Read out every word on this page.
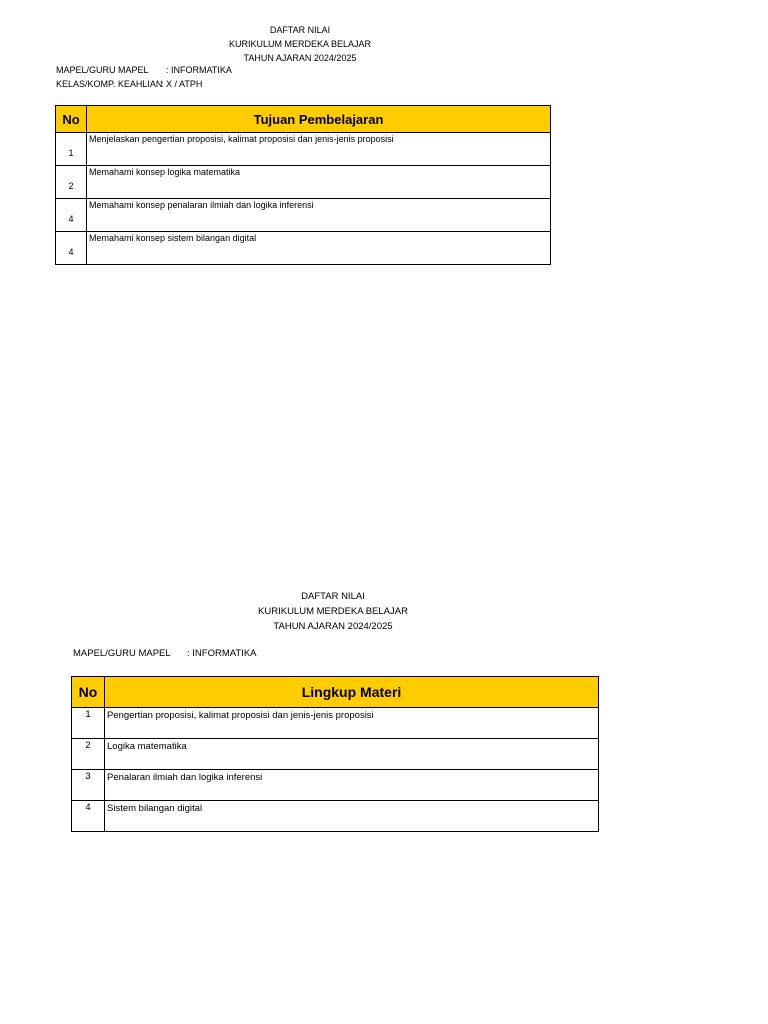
DAFTAR NILAI
KURIKULUM MERDEKA BELAJAR
TAHUN AJARAN 2024/2025
MAPEL/GURU MAPEL	: INFORMATIKA
KELAS/KOMP. KEAHLIAN
: X / ATPH
No	Tujuan Pembelajaran
1	Menjelaskan pengertian proposisi, kalimat proposisi dan jenis-jenis proposisi
2	Memahami konsep logika matematika
4	Memahami konsep penalaran ilmiah dan logika inferensi
4	Memahami konsep sistem bilangan digital
DAFTAR NILAI
KURIKULUM MERDEKA BELAJAR
TAHUN AJARAN 2024/2025
MAPEL/GURU MAPEL	: INFORMATIKA
No	Lingkup Materi
1	Pengertian proposisi, kalimat proposisi dan jenis-jenis proposisi
2	Logika matematika
3	Penalaran ilmiah dan logika inferensi
4	Sistem bilangan digital
